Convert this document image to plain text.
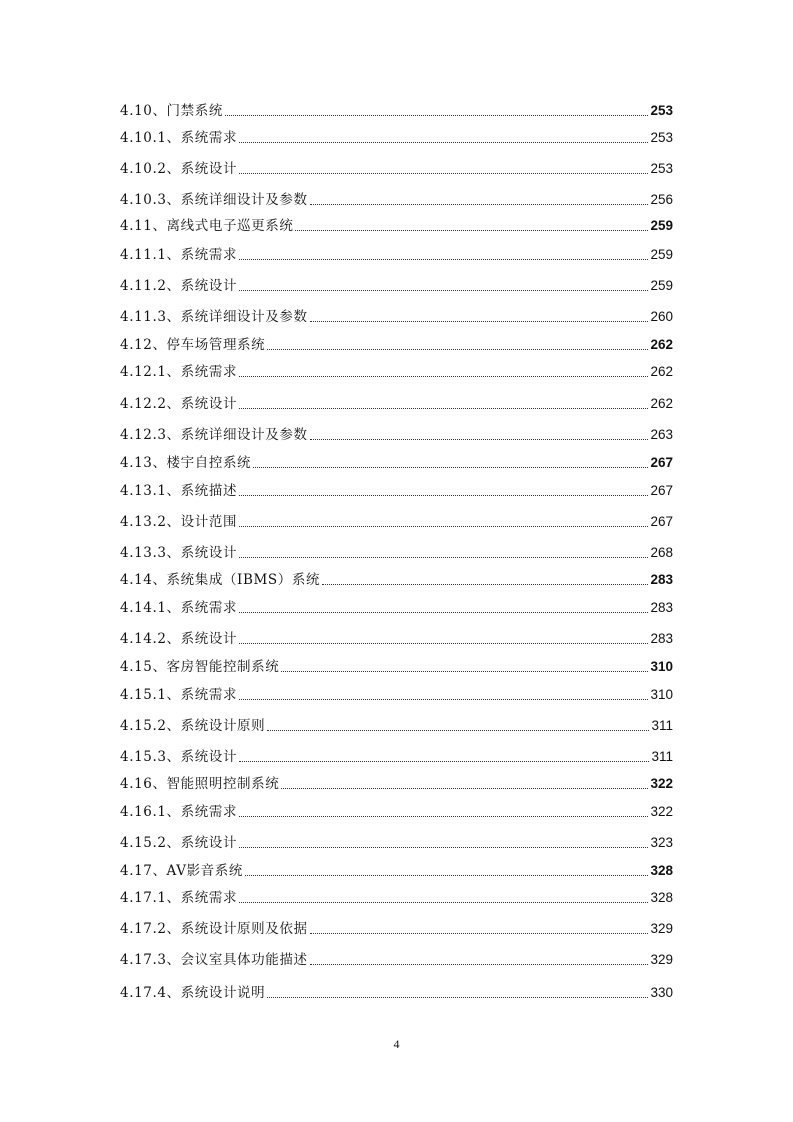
4.10、门禁系统	253
4.10.1、系统需求	253
4.10.2、系统设计	253
4.10.3、系统详细设计及参数	256
4.11、离线式电子巡更系统	259
4.11.1、系统需求	259
4.11.2、系统设计	259
4.11.3、系统详细设计及参数	260
4.12、停车场管理系统	262
4.12.1、系统需求	262
4.12.2、系统设计	262
4.12.3、系统详细设计及参数	263
4.13、楼宇自控系统	267
4.13.1、系统描述	267
4.13.2、设计范围	267
4.13.3、系统设计	268
4.14、系统集成（IBMS）系统	283
4.14.1、系统需求	283
4.14.2、系统设计	283
4.15、客房智能控制系统	310
4.15.1、系统需求	310
4.15.2、系统设计原则	311
4.15.3、系统设计	311
4.16、智能照明控制系统	322
4.16.1、系统需求	322
4.15.2、系统设计	323
4.17、AV影音系统	328
4.17.1、系统需求	328
4.17.2、系统设计原则及依据	329
4.17.3、会议室具体功能描述	329
4.17.4、系统设计说明	330
4
